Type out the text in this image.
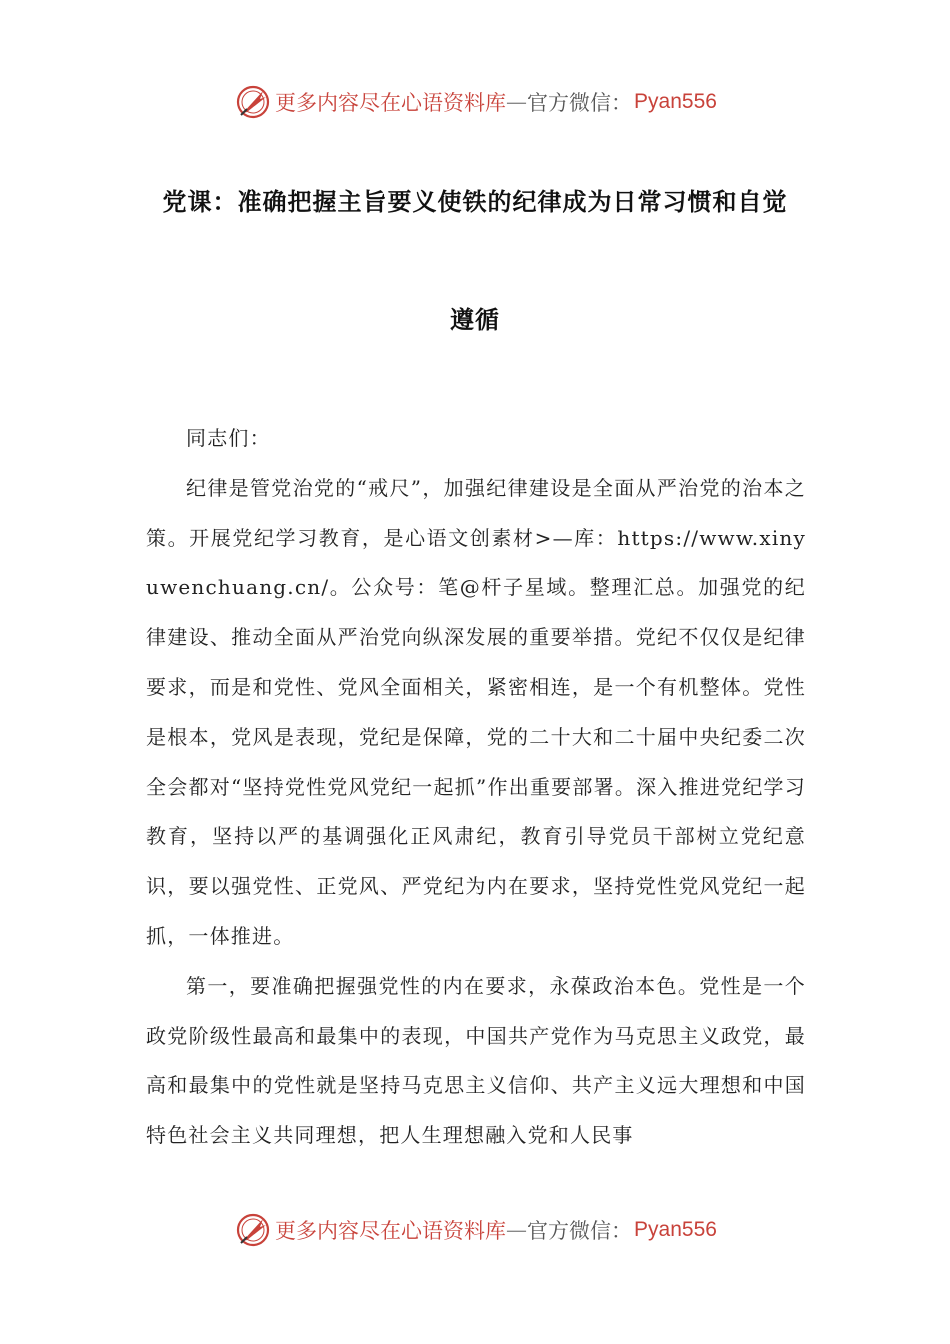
更多内容尽在心语资料库 — 官方微信： Pyan556
党课：准确把握主旨要义使铁的纪律成为日常习惯和自觉
遵循

同志们：

纪律是管党治党的“戒尺”，加强纪律建设是全面从严治党的治本之策。开展党纪学习教育，是心语文创素材>—库：https://www.xinyuwenchuang.cn/。公众号：笔@杆子星域。整理汇总。加强党的纪律建设、推动全面从严治党向纵深发展的重要举措。党纪不仅仅是纪律要求，而是和党性、党风全面相关，紧密相连，是一个有机整体。党性是根本，党风是表现，党纪是保障，党的二十大和二十届中央纪委二次全会都对“坚持党性党风党纪一起抓”作出重要部署。深入推进党纪学习教育，坚持以严的基调强化正风肃纪，教育引导党员干部树立党纪意识，要以强党性、正党风、严党纪为内在要求，坚持党性党风党纪一起抓，一体推进。

第一，要准确把握强党性的内在要求，永葆政治本色。党性是一个政党阶级性最高和最集中的表现，中国共产党作为马克思主义政党，最高和最集中的党性就是坚持马克思主义信仰、共产主义远大理想和中国特色社会主义共同理想，把人生理想融入党和人民事

更多内容尽在心语资料库 — 官方微信： Pyan556
